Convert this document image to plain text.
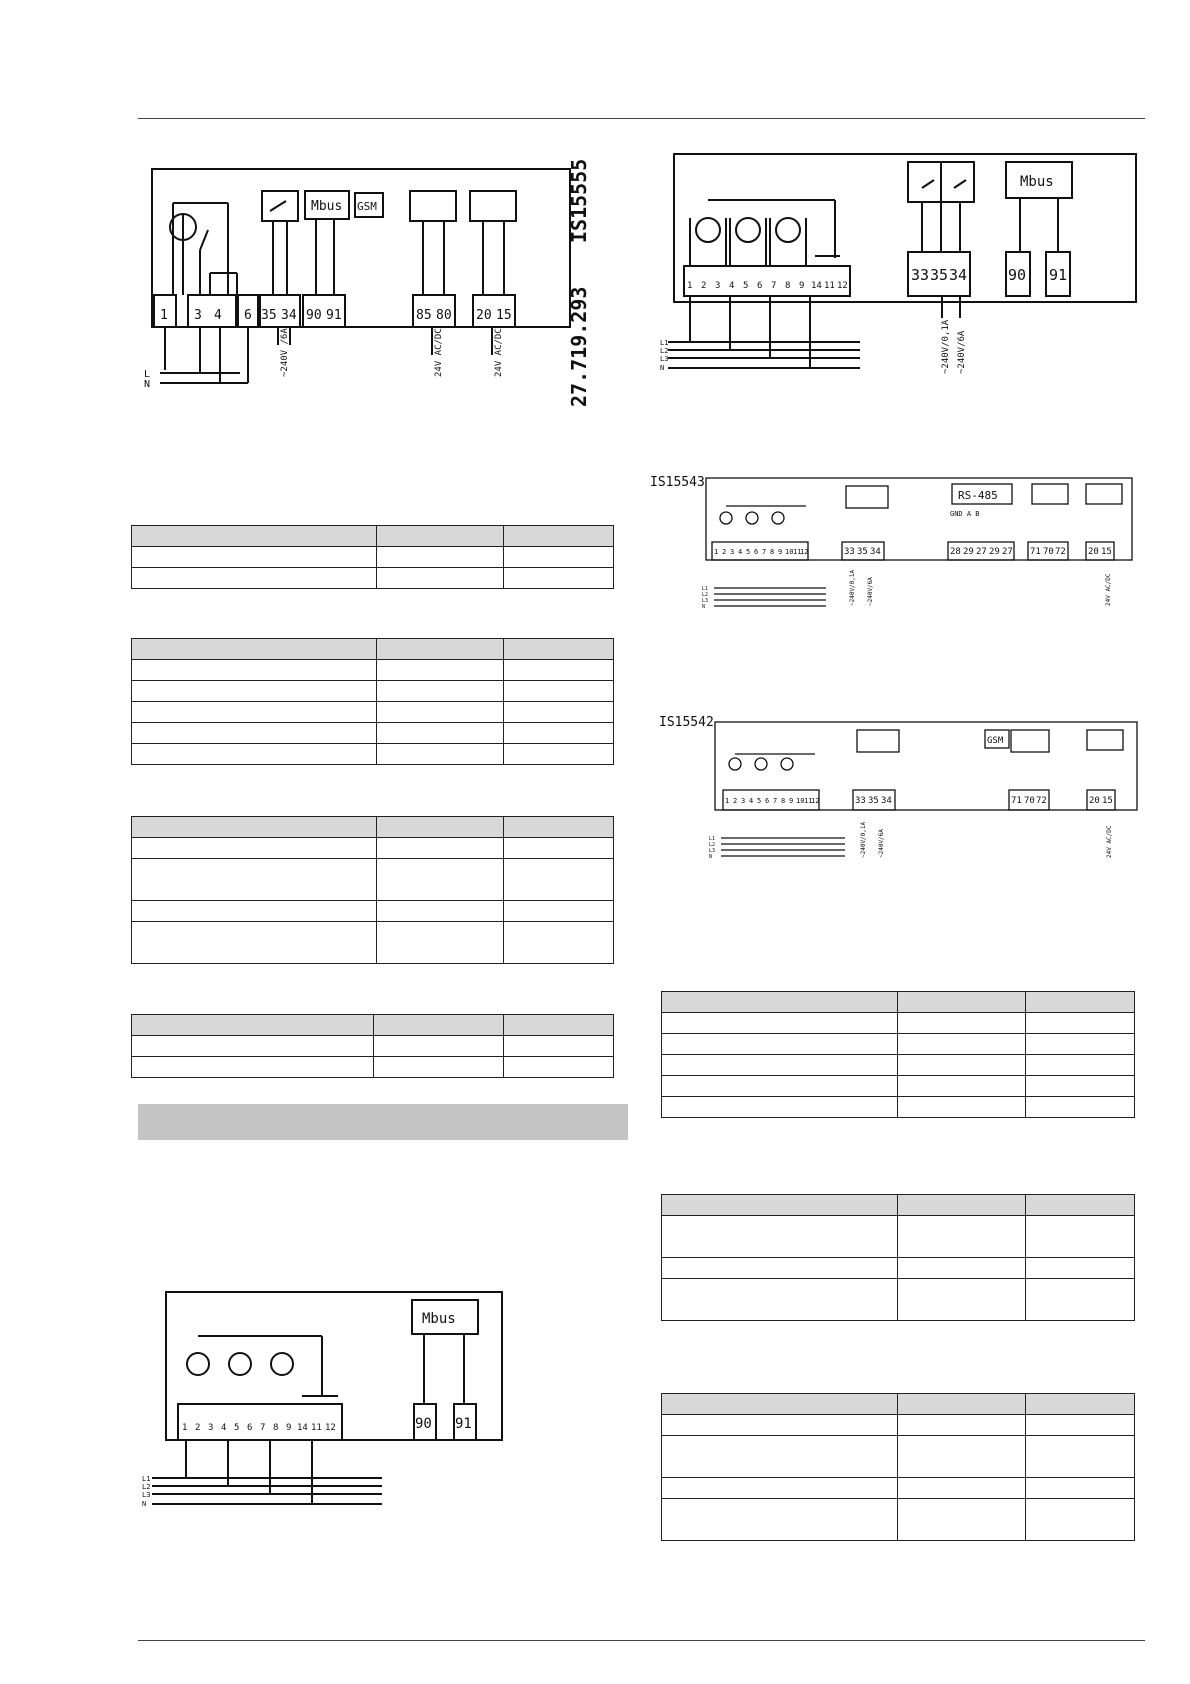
Mbus GSM
1 3 4 6 35 34 90 91	85 80 20 15
L
N
~240V /6A	24V AC/DC	24V AC/DC
IS15555
27.719.293
Mbus
1 2 3 4 5 6 7 8 9 14 11 12
33 35 34	90 91
~240V/0,1A ~240V/6A
L1
L2
L3
N
IS15543
RS-485
GND A B
1 2 3 4 5 6 7 8 9 10 11
12	33 35 34	28 29 27 29 27 71 70 72 20 15
~240V/0,1A ~240V/6A	24V AC/DC
L1
L2
L3
N
IS15542
GSM
1 2 3 4 5 6 7 8 9 10 11
12	33 35 34	71 70 72	20 15
~240V/0,1A ~240V/6A	24V AC/DC
L1
L2
L3
N
Mbus
1 2 3 4 5 6 7 8 9 14 11 12	90 91
L1
L2
L3
N
